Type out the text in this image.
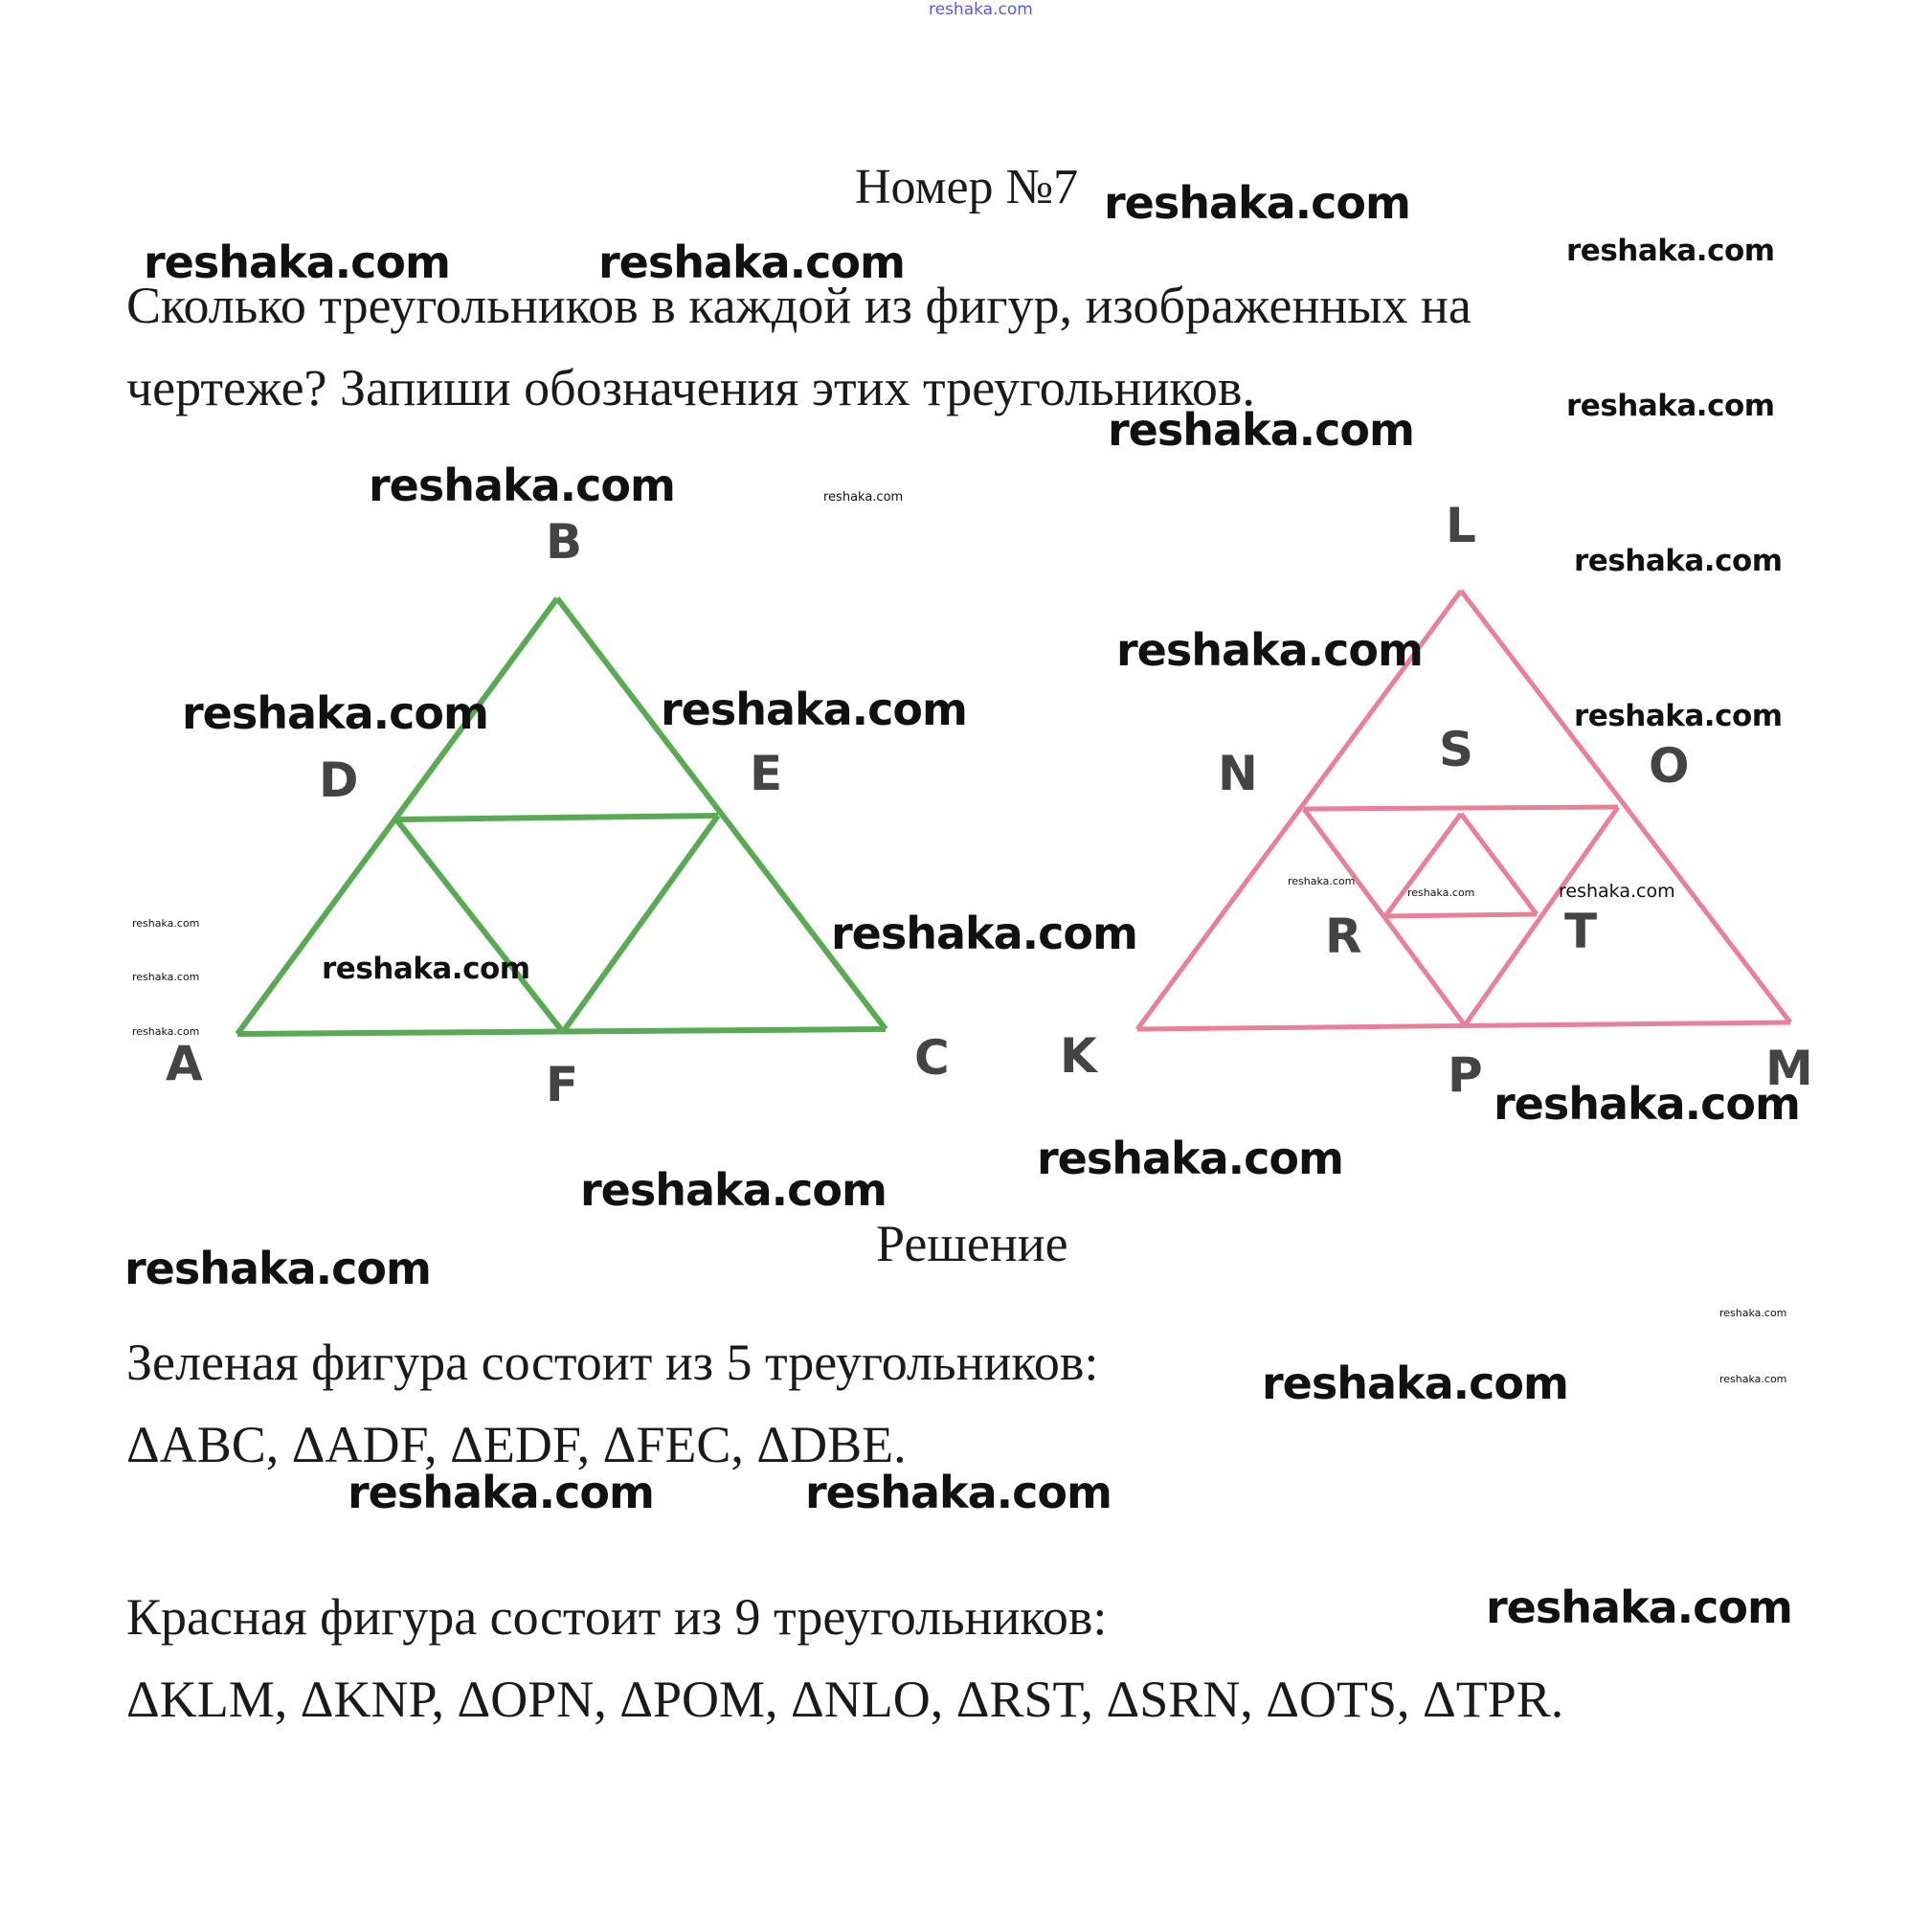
Номер №7
Сколько треугольников в каждой из фигур, изображенных на
чертеже? Запиши обозначения этих треугольников.
B
D	E
A	F	C
L
N	S	O
R	T
K	P	M
Решение
Зеленая фигура состоит из 5 треугольников:
ΔABC, ΔADF, ΔEDF, ΔFEC, ΔDBE.
Красная фигура состоит из 9 треугольников:
ΔKLM, ΔKNP, ΔOPN, ΔPOM, ΔNLO, ΔRST, ΔSRN, ΔOTS, ΔTPR.
reshaka.com
reshaka.com
reshaka.com	reshaka.com	reshaka.com
reshaka.com
reshaka.com
reshaka.com	reshaka.com
reshaka.com
reshaka.com
reshaka.com	reshaka.com	reshaka.com
reshaka.com
reshaka.com	reshaka.com
reshaka.com	reshaka.com
reshaka.com
reshaka.com
reshaka.com
reshaka.com
reshaka.com
reshaka.com
reshaka.com
reshaka.com
reshaka.com	reshaka.com
reshaka.com	reshaka.com
reshaka.com
